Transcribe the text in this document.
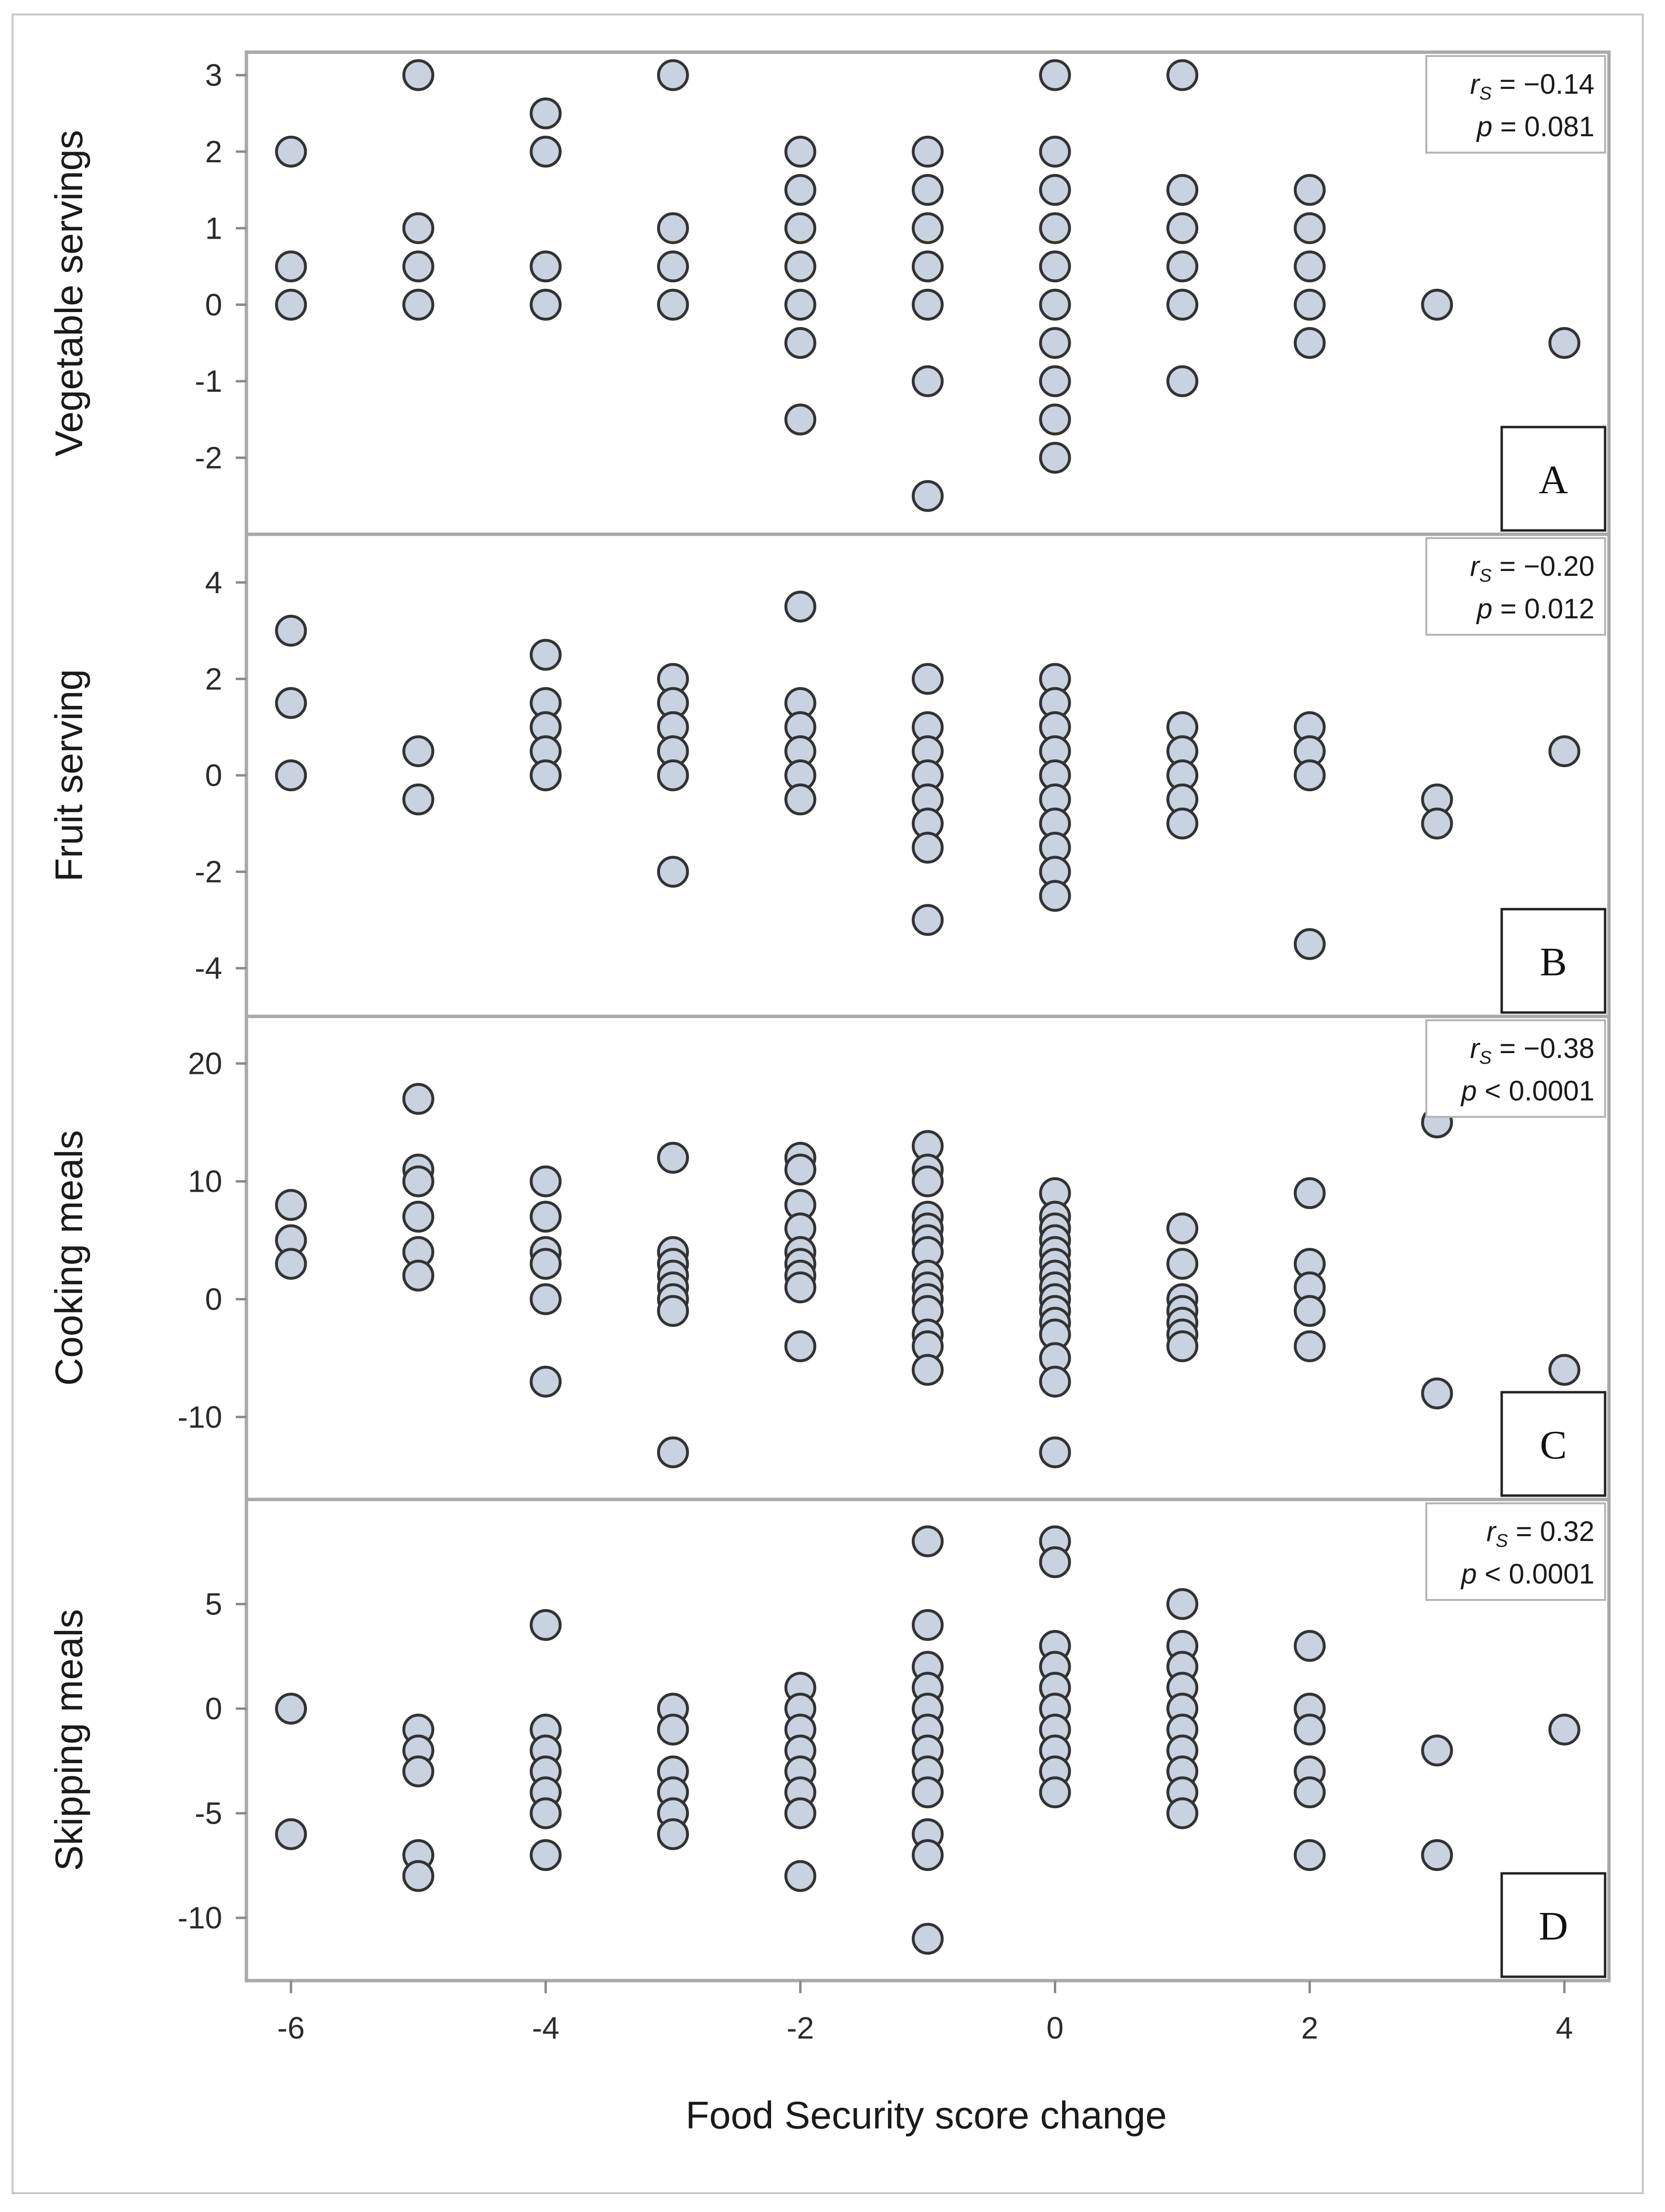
-2
-1
0
1
2
3
Vegetable servings
$r_S = -0.14$
p = 0.081
A
-4
-2
0
2
4
Fruit serving
$r_S = -0.20$
p = 0.012
B
-10
0
10
20
Cooking meals
$r_S = -0.38$
p < 0.0001
C
-10
-5
0
5
Skipping meals
$r_S = 0.32$
p < 0.0001
D
-6	-4	-2	0	2	4
Food Security score change
